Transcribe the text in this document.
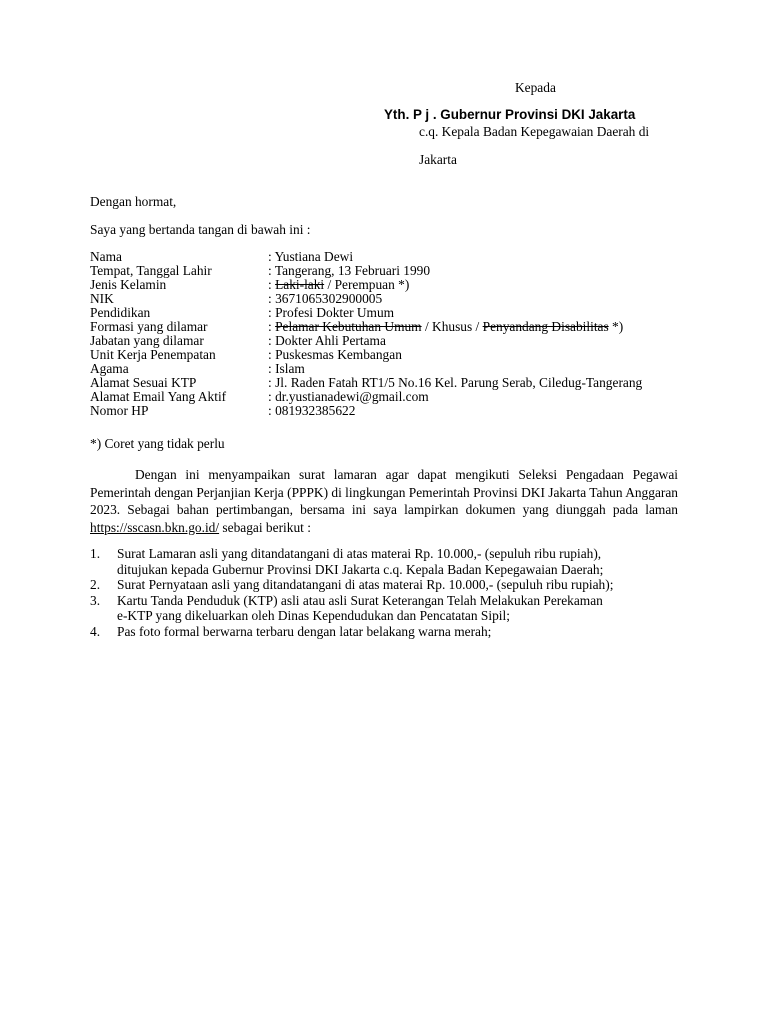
Kepada
Yth. P j . Gubernur Provinsi DKI Jakarta
c.q. Kepala Badan Kepegawaian Daerah di
Jakarta
Dengan hormat,
Saya yang bertanda tangan di bawah ini :
Nama	: Yustiana Dewi
Tempat, Tanggal Lahir	: Tangerang, 13 Februari 1990
Jenis Kelamin	: Laki-laki / Perempuan *)
NIK	: 3671065302900005
Pendidikan	: Profesi Dokter Umum
Formasi yang dilamar	: Pelamar Kebutuhan Umum / Khusus / Penyandang Disabilitas *)
Jabatan yang dilamar	: Dokter Ahli Pertama
Unit Kerja Penempatan	: Puskesmas Kembangan
Agama	: Islam
Alamat Sesuai KTP	: Jl. Raden Fatah RT1/5 No.16 Kel. Parung Serab, Ciledug-Tangerang
Alamat Email Yang Aktif	: dr.yustianadewi@gmail.com
Nomor HP	: 081932385622
*) Coret yang tidak perlu
Dengan ini menyampaikan surat lamaran agar dapat mengikuti Seleksi Pengadaan Pegawai Pemerintah dengan Perjanjian Kerja (PPPK) di lingkungan Pemerintah Provinsi DKI Jakarta Tahun Anggaran 2023. Sebagai bahan pertimbangan, bersama ini saya lampirkan dokumen yang diunggah pada laman https://sscasn.bkn.go.id/ sebagai berikut :
1. Surat Lamaran asli yang ditandatangani di atas materai Rp. 10.000,- (sepuluh ribu rupiah),
ditujukan kepada Gubernur Provinsi DKI Jakarta c.q. Kepala Badan Kepegawaian Daerah;
2. Surat Pernyataan asli yang ditandatangani di atas materai Rp. 10.000,- (sepuluh ribu rupiah);
3. Kartu Tanda Penduduk (KTP) asli atau asli Surat Keterangan Telah Melakukan Perekaman
e-KTP yang dikeluarkan oleh Dinas Kependudukan dan Pencatatan Sipil;
4. Pas foto formal berwarna terbaru dengan latar belakang warna merah;
